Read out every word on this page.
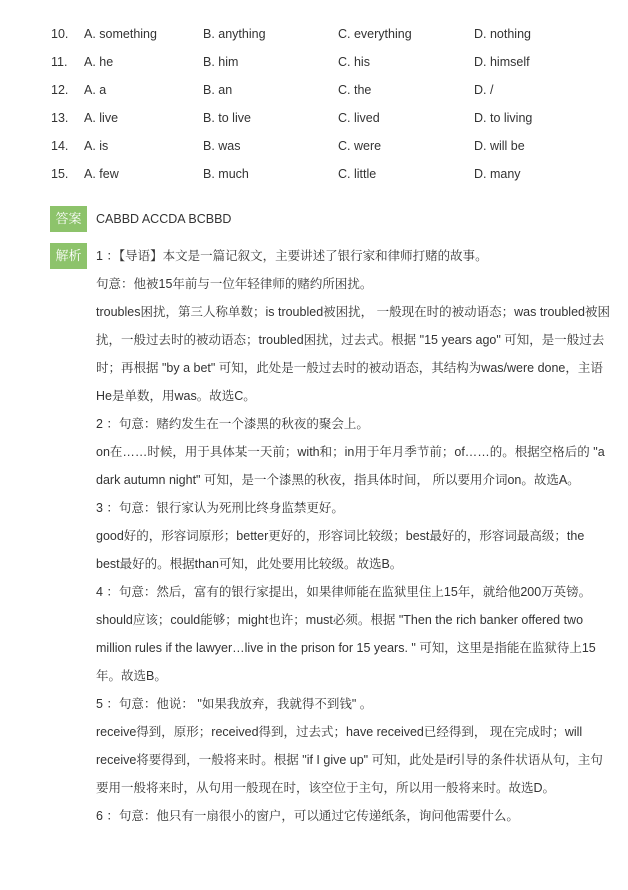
10. A. something	B. anything	C. everything	D. nothing
11. A. he	B. him	C. his	D. himself
12. A. a	B. an	C. the	D. /
13. A. live	B. to live	C. lived	D. to living
14. A. is	B. was	C. were	D. will be
15. A. few	B. much	C. little	D. many
答案	CABBD ACCDA BCBBD
解析	1 ：【导语】本文是一篇记叙文，主要讲述了银行家和律师打赌的故事。
句意：他被15年前与一位年轻律师的赌约所困扰。
troubles困扰，第三人称单数；is troubled被困扰， 一般现在时的被动语态；was troubled被困
扰，一般过去时的被动语态；troubled困扰，过去式。根据 "15 years ago" 可知，是一般过去
时；再根据 "by a bet" 可知，此处是一般过去时的被动语态，其结构为was/were done，主语
He是单数，用was。故选C。
2 ：句意：赌约发生在一个漆黑的秋夜的聚会上。
on在……时候，用于具体某一天前；with和；in用于年月季节前；of……的。根据空格后的 "a
dark autumn night" 可知，是一个漆黑的秋夜，指具体时间， 所以要用介词on。故选A。
3 ：句意：银行家认为死刑比终身监禁更好。
good好的，形容词原形；better更好的，形容词比较级；best最好的，形容词最高级；the
best最好的。根据than可知，此处要用比较级。故选B。
4 ：句意：然后，富有的银行家提出，如果律师能在监狱里住上15年，就给他200万英镑。
should应该；could能够；might也许；must必须。根据 "Then the rich banker offered two
million rules if the lawyer…live in the prison for 15 years. " 可知，这里是指能在监狱待上15
年。故选B。
5 ：句意：他说： "如果我放弃，我就得不到钱" 。
receive得到，原形；received得到，过去式；have received已经得到， 现在完成时；will
receive将要得到，一般将来时。根据 "if I give up" 可知，此处是if引导的条件状语从句，主句
要用一般将来时，从句用一般现在时，该空位于主句，所以用一般将来时。故选D。
6 ：句意：他只有一扇很小的窗户，可以通过它传递纸条，询问他需要什么。
